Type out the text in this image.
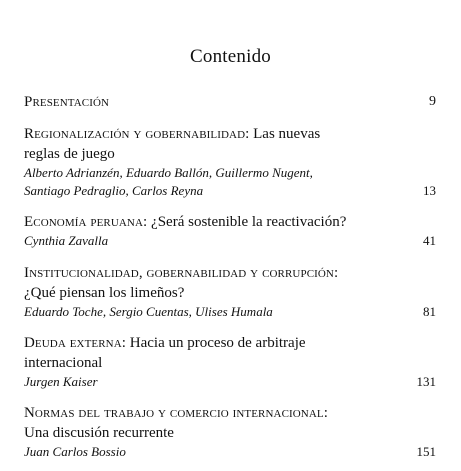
Contenido
Presentación	9
Regionalización y gobernabilidad: Las nuevas
reglas de juego
Alberto Adrianzén, Eduardo Ballón, Guillermo Nugent,
Santiago Pedraglio, Carlos Reyna	13
Economía peruana: ¿Será sostenible la reactivación?
Cynthia Zavalla	41
Institucionalidad, gobernabilidad y corrupción:
¿Qué piensan los limeños?
Eduardo Toche, Sergio Cuentas, Ulises Humala	81
Deuda externa: Hacia un proceso de arbitraje
internacional
Jurgen Kaiser	131
Normas del trabajo y comercio internacional:
Una discusión recurrente
Juan Carlos Bossio	151
